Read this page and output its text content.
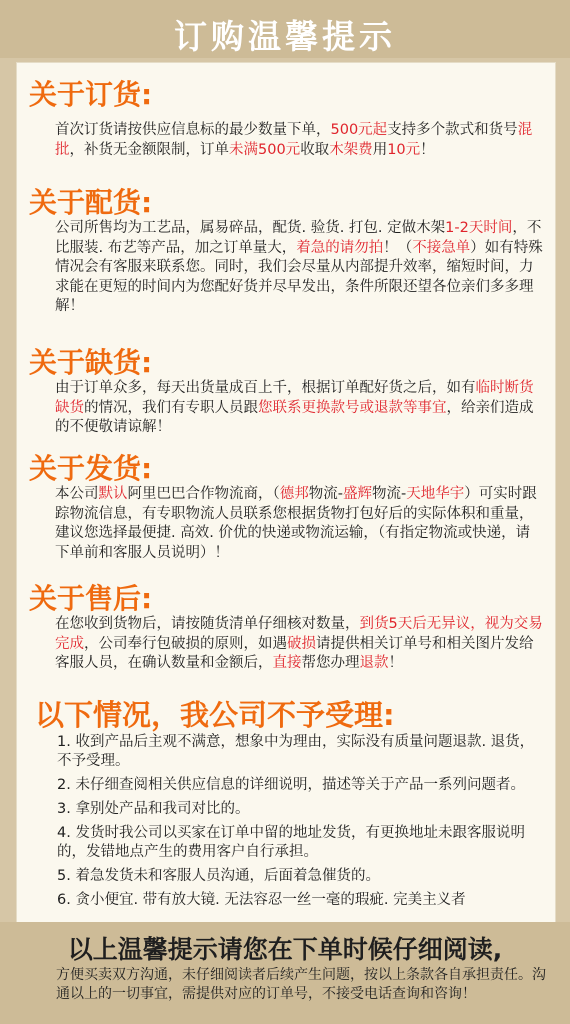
订购温馨提示
关于订货:
首次订货请按供应信息标的最少数量下单，500元起支持多个款式和货号混批，补货无金额限制，订单未满500元收取木架费用10元！
关于配货:
公司所售均为工艺品，属易碎品，配货. 验货. 打包. 定做木架1-2天时间，不比服装. 布艺等产品，加之订单量大，着急的请勿拍！（不接急单）如有特殊情况会有客服来联系您。同时，我们会尽量从内部提升效率，缩短时间，力求能在更短的时间内为您配好货并尽早发出，条件所限还望各位亲们多多理解！
关于缺货:
由于订单众多，每天出货量成百上千，根据订单配好货之后，如有临时断货缺货的情况，我们有专职人员跟您联系更换款号或退款等事宜，给亲们造成的不便敬请谅解！
关于发货:
本公司默认阿里巴巴合作物流商，（德邦物流-盛辉物流-天地华宇）可实时跟踪物流信息，有专职物流人员联系您根据货物打包好后的实际体积和重量，建议您选择最便捷. 高效. 价优的快递或物流运输，（有指定物流或快递，请下单前和客服人员说明）！
关于售后:
在您收到货物后，请按随货清单仔细核对数量，到货5天后无异议，视为交易完成，公司奉行包破损的原则，如遇破损请提供相关订单号和相关图片发给客服人员，在确认数量和金额后，直接帮您办理退款！
以下情况，我公司不予受理:
1. 收到产品后主观不满意，想象中为理由，实际没有质量问题退款. 退货，不予受理。
2. 未仔细查阅相关供应信息的详细说明，描述等关于产品一系列问题者。
3. 拿别处产品和我司对比的。
4. 发货时我公司以买家在订单中留的地址发货，有更换地址未跟客服说明的，发错地点产生的费用客户自行承担。
5. 着急发货未和客服人员沟通，后面着急催货的。
6. 贪小便宜. 带有放大镜. 无法容忍一丝一毫的瑕疵. 完美主义者
以上温馨提示请您在下单时候仔细阅读,
方便买卖双方沟通，未仔细阅读者后续产生问题，按以上条款各自承担责任。沟通以上的一切事宜，需提供对应的订单号，不接受电话查询和咨询！
